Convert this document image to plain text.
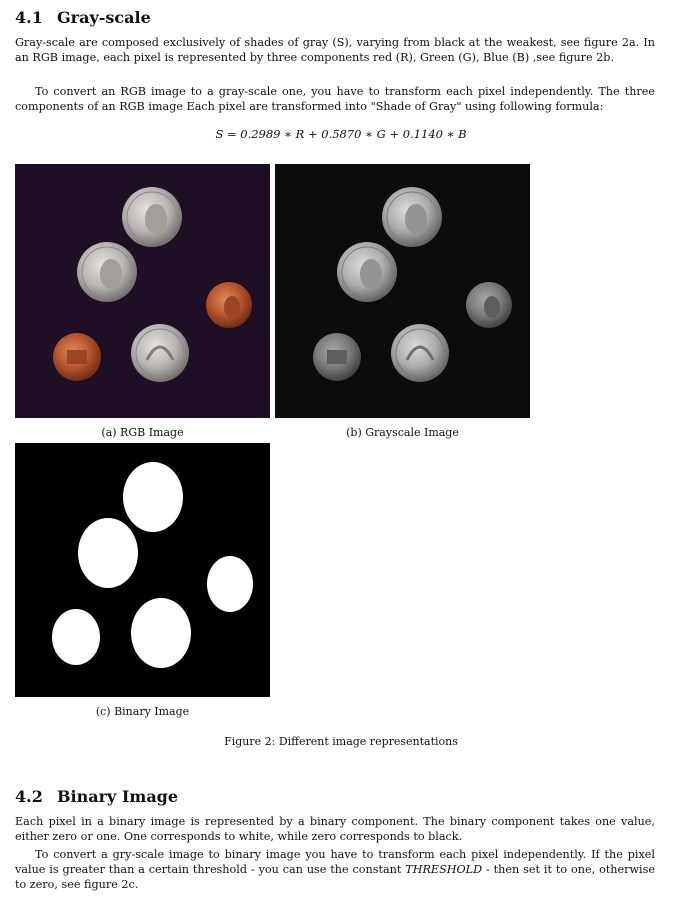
4.1 Gray-scale

Gray-scale are composed exclusively of shades of gray (S), varying from black at the weakest, see figure 2a. In an RGB image, each pixel is represented by three components red (R), Green (G), Blue (B) ,see figure 2b.

To convert an RGB image to a gray-scale one, you have to transform each pixel independently. The three components of an RGB image Each pixel are transformed into "Shade of Gray" using following formula:

S = 0.2989 ∗ R + 0.5870 ∗ G + 0.1140 ∗ B

(a) RGB Image	(b) Grayscale Image

(c) Binary Image

Figure 2: Different image representations

4.2 Binary Image

Each pixel in a binary image is represented by a binary component. The binary component takes one value, either zero or one. One corresponds to white, while zero corresponds to black.

To convert a gry-scale image to binary image you have to transform each pixel independently. If the pixel value is greater than a certain threshold - you can use the constant THRESHOLD - then set it to one, otherwise to zero, see figure 2c.
